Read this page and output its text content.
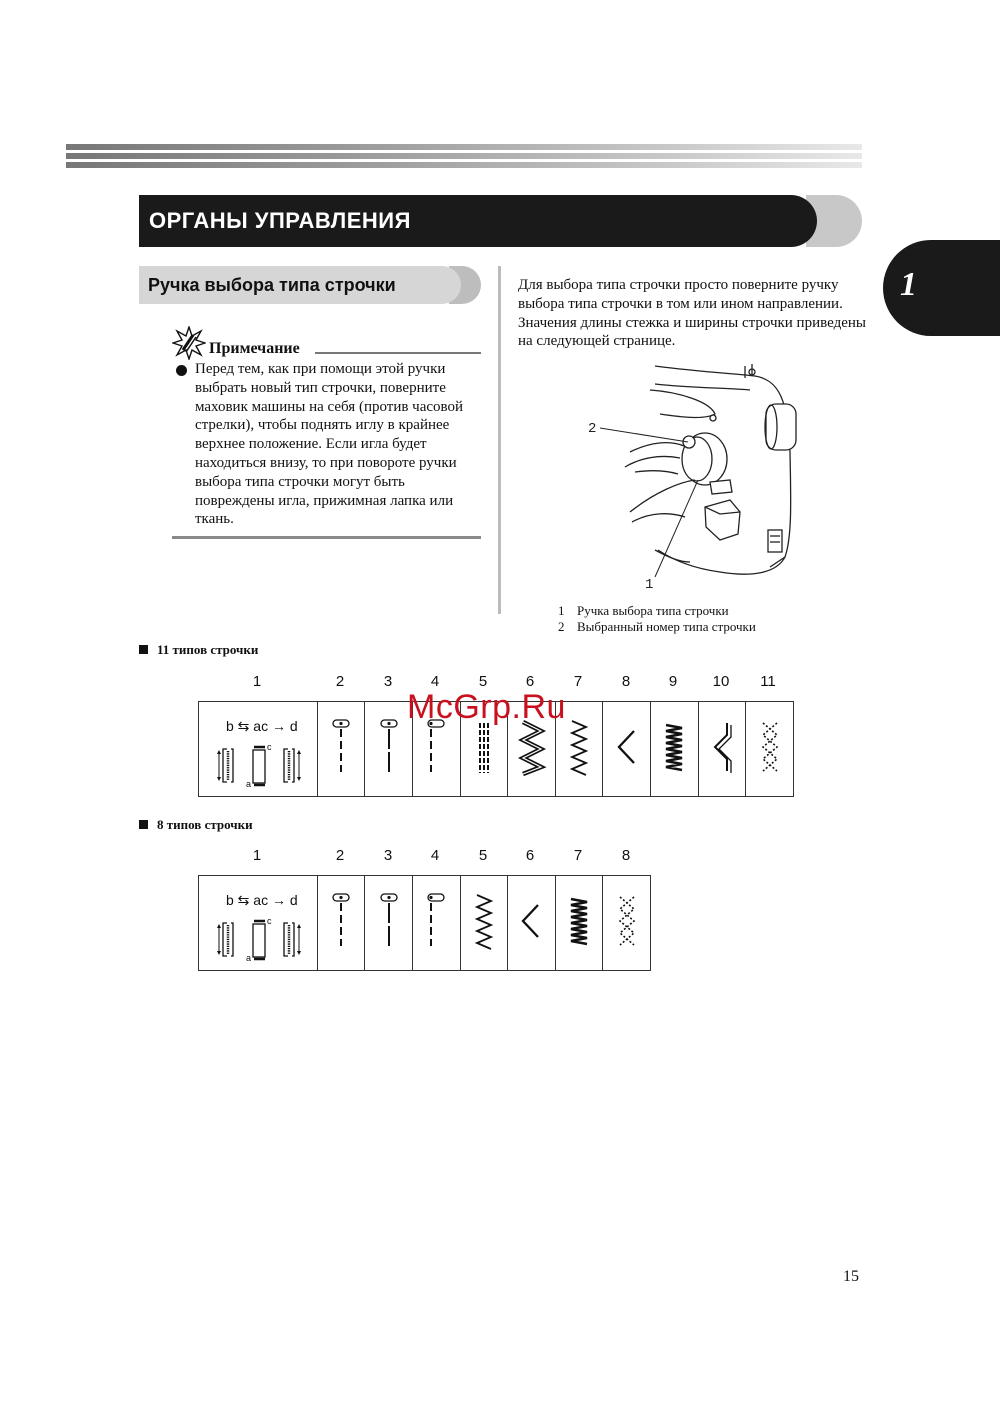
ОРГАНЫ УПРАВЛЕНИЯ
1
Ручка выбора типа строчки
Примечание
Перед тем, как при помощи этой ручки выбрать новый тип строчки, поверните маховик машины на себя (против часовой стрелки), чтобы поднять иглу в крайнее верхнее положение. Если игла будет находиться внизу, то при повороте ручки выбора типа строчки могут быть повреждены игла, прижимная лапка или ткань.
Для выбора типа строчки просто поверните ручку выбора типа строчки в том или ином направлении. Значения длины стежка и ширины строчки приведены на следующей странице.
2
1
1 Ручка выбора типа строчки
2 Выбранный номер типа строчки
11 типов строчки
1	2	3	4	5	6	7	8	9	10	11
b ⇆ ac → d
c
a

8 типов строчки
1	2	3	4	5	6	7	8
b ⇆ ac → d
c
a

McGrp.Ru
15
